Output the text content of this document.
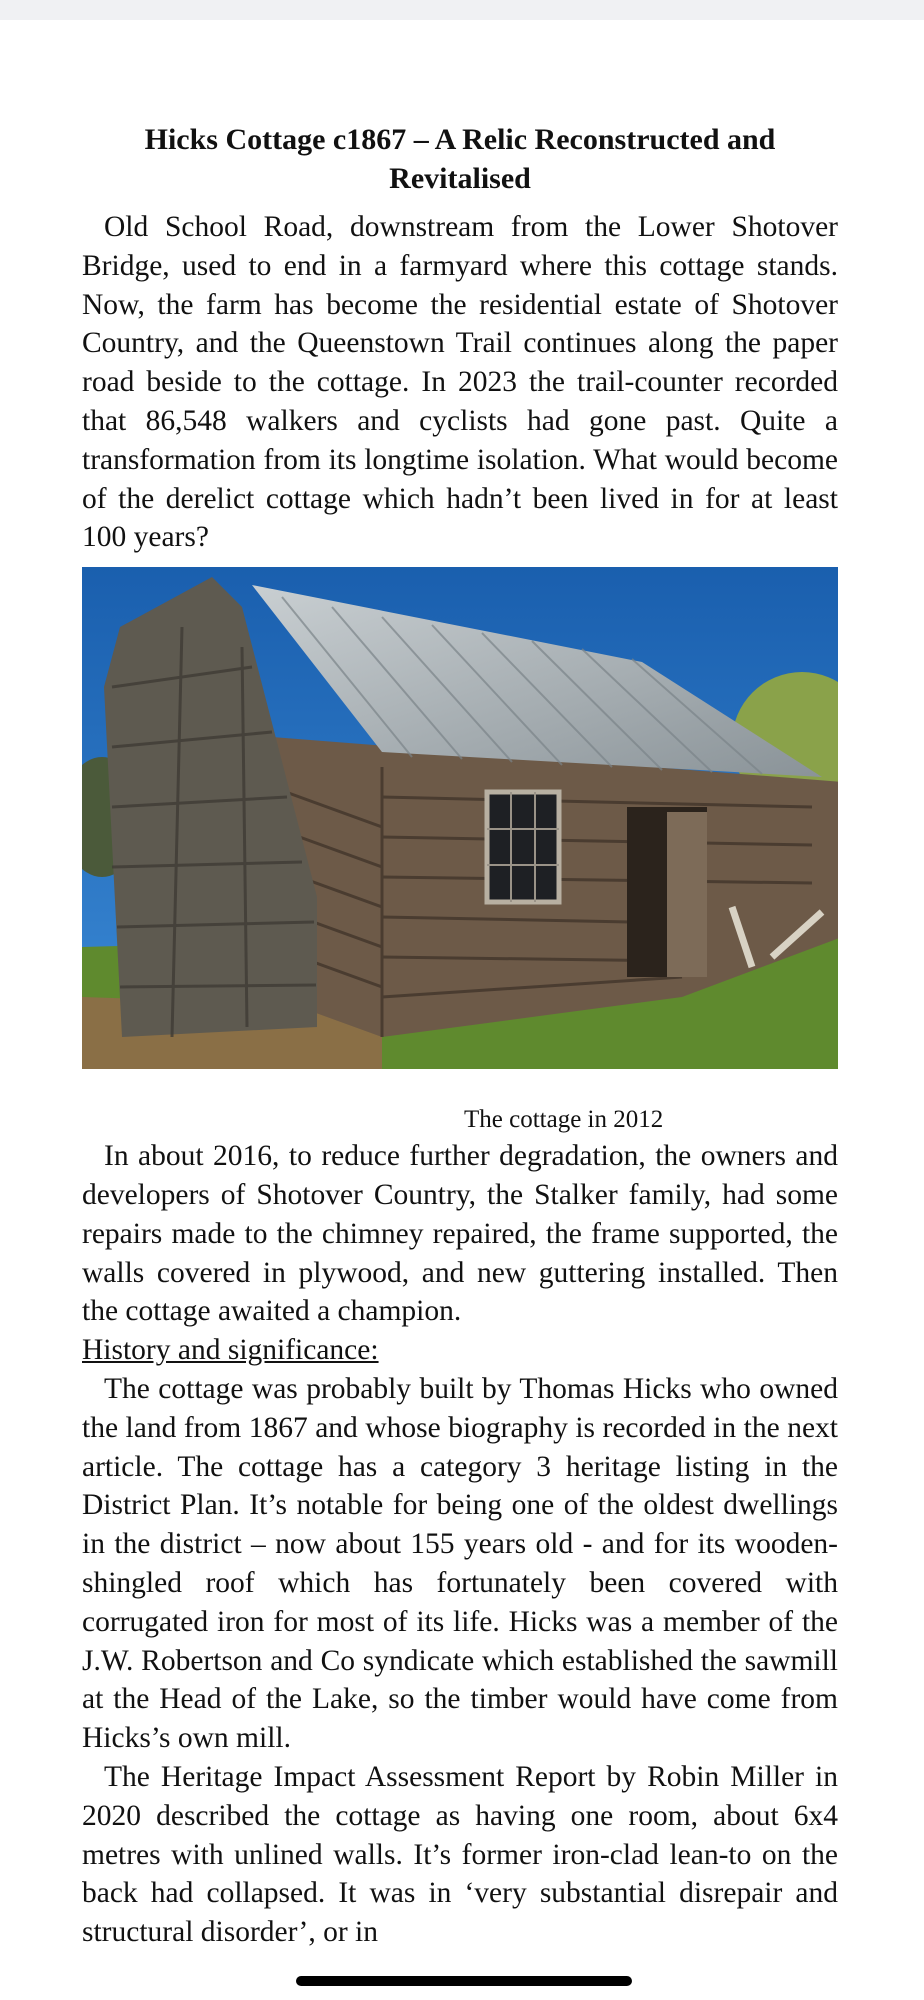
Hicks Cottage c1867 – A Relic Reconstructed and Revitalised

Old School Road, downstream from the Lower Shotover Bridge, used to end in a farmyard where this cottage stands. Now, the farm has become the residential estate of Shotover Country, and the Queenstown Trail continues along the paper road beside to the cottage. In 2023 the trail-counter recorded that 86,548 walkers and cyclists had gone past. Quite a transformation from its longtime isolation. What would become of the derelict cottage which hadn’t been lived in for at least 100 years?

The cottage in 2012

In about 2016, to reduce further degradation, the owners and developers of Shotover Country, the Stalker family, had some repairs made to the chimney repaired, the frame supported, the walls covered in plywood, and new guttering installed. Then the cottage awaited a champion.

History and significance:

The cottage was probably built by Thomas Hicks who owned the land from 1867 and whose biography is recorded in the next article. The cottage has a category 3 heritage listing in the District Plan. It’s notable for being one of the oldest dwellings in the district – now about 155 years old - and for its wooden-shingled roof which has fortunately been covered with corrugated iron for most of its life. Hicks was a member of the J.W. Robertson and Co syndicate which established the sawmill at the Head of the Lake, so the timber would have come from Hicks’s own mill.

The Heritage Impact Assessment Report by Robin Miller in 2020 described the cottage as having one room, about 6x4 metres with unlined walls. It’s former iron-clad lean-to on the back had collapsed. It was in ‘very substantial disrepair and structural disorder’, or in
